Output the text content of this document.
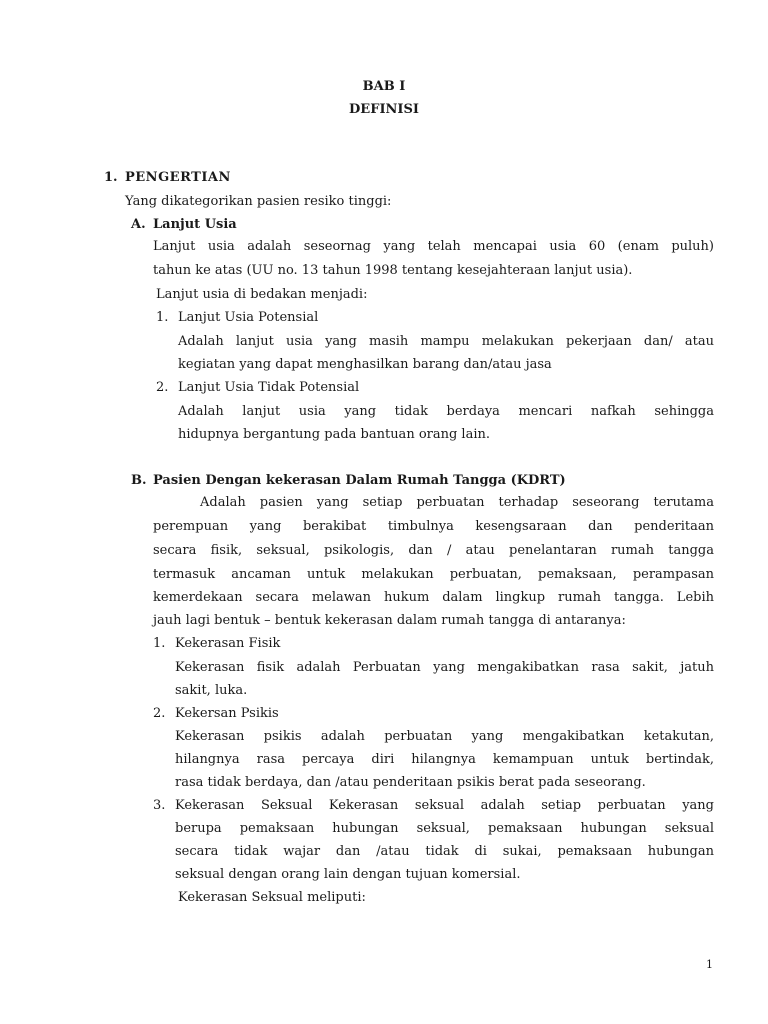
BAB I
DEFINISI
1. PENGERTIAN
Yang dikategorikan pasien resiko tinggi:
A. Lanjut Usia
Lanjut usia adalah seseornag yang telah mencapai usia 60 (enam puluh)
tahun ke atas (UU no. 13 tahun 1998 tentang kesejahteraan lanjut usia).
Lanjut usia di bedakan menjadi:
1. Lanjut Usia Potensial
Adalah lanjut usia yang masih mampu melakukan pekerjaan dan/ atau
kegiatan yang dapat menghasilkan barang dan/atau jasa
2. Lanjut Usia Tidak Potensial
Adalah lanjut usia yang tidak berdaya mencari nafkah sehingga
hidupnya bergantung pada bantuan orang lain.
B. Pasien Dengan kekerasan Dalam Rumah Tangga (KDRT)
Adalah pasien yang setiap perbuatan terhadap seseorang terutama
perempuan yang berakibat timbulnya kesengsaraan dan penderitaan
secara fisik, seksual, psikologis, dan / atau penelantaran rumah tangga
termasuk ancaman untuk melakukan perbuatan, pemaksaan, perampasan
kemerdekaan secara melawan hukum dalam lingkup rumah tangga. Lebih
jauh lagi bentuk – bentuk kekerasan dalam rumah tangga di antaranya:
1. Kekerasan Fisik
Kekerasan fisik adalah Perbuatan yang mengakibatkan rasa sakit, jatuh
sakit, luka.
2. Kekersan Psikis
Kekerasan psikis adalah perbuatan yang mengakibatkan ketakutan,
hilangnya rasa percaya diri hilangnya kemampuan untuk bertindak,
rasa tidak berdaya, dan /atau penderitaan psikis berat pada seseorang.
3. Kekerasan Seksual Kekerasan seksual adalah setiap perbuatan yang
berupa pemaksaan hubungan seksual, pemaksaan hubungan seksual
secara tidak wajar dan /atau tidak di sukai, pemaksaan hubungan
seksual dengan orang lain dengan tujuan komersial.
Kekerasan Seksual meliputi:
1
